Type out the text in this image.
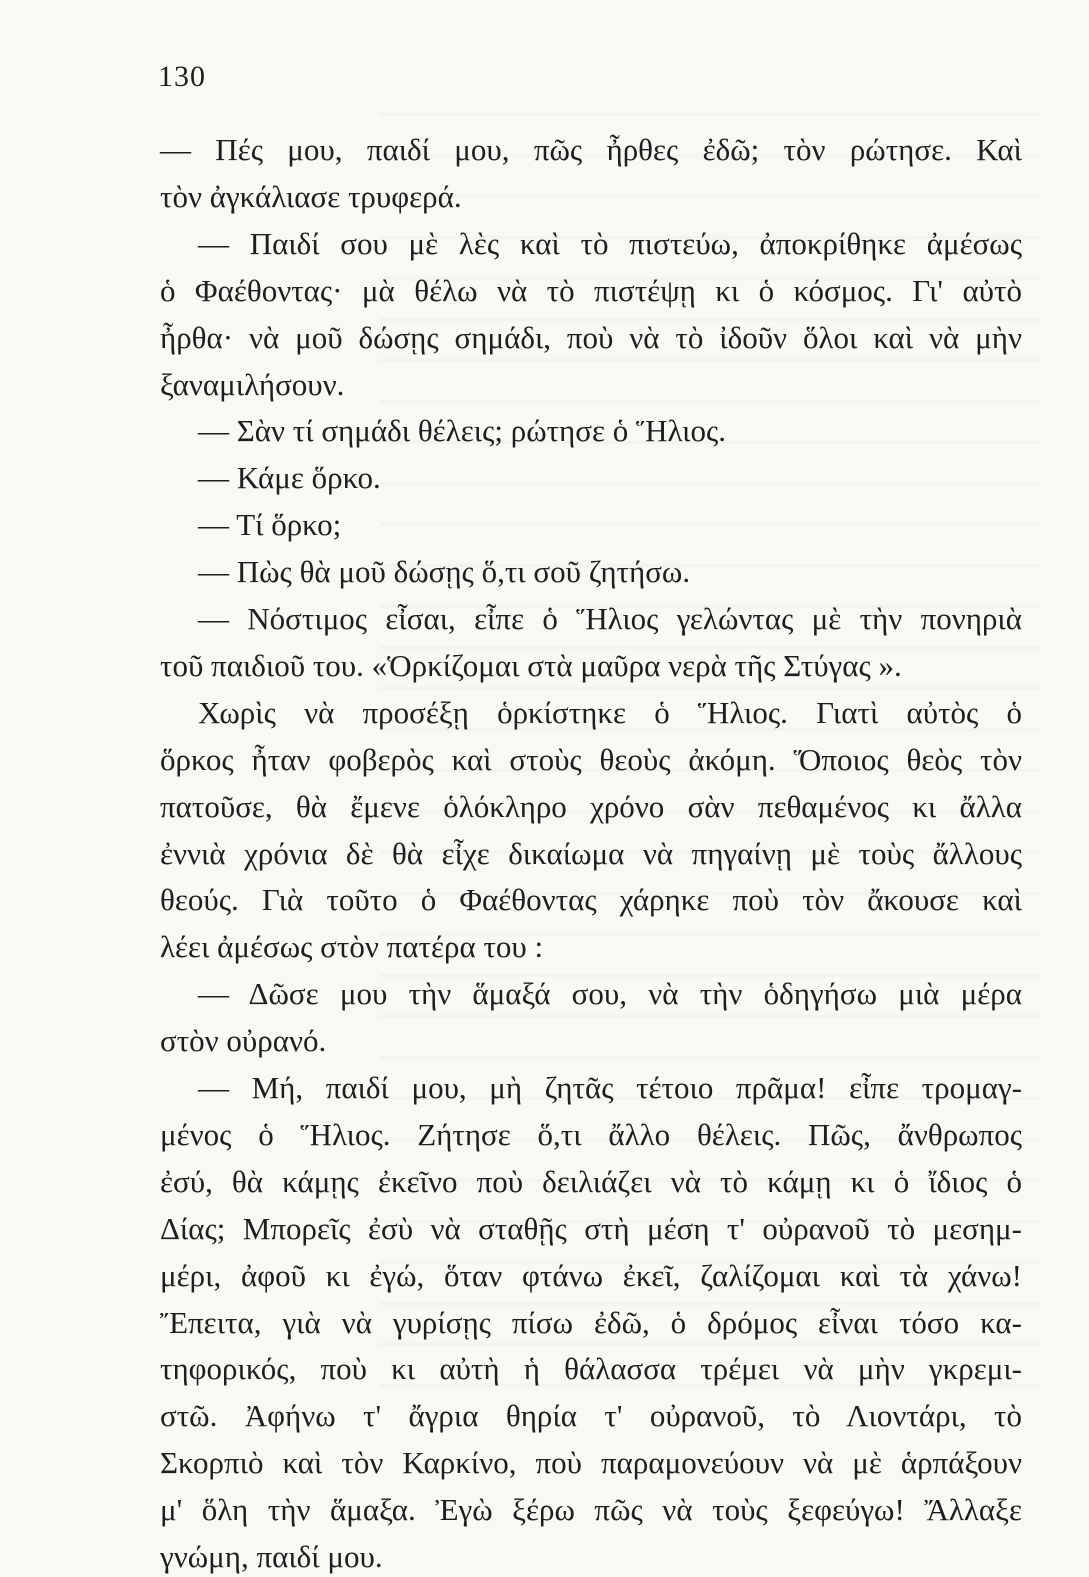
130
— Πές μου, παιδί μου, πῶς ἦρθες ἐδῶ; τὸν ρώτησε. Καὶ
τὸν ἀγκάλιασε τρυφερά.
— Παιδί σου μὲ λὲς καὶ τὸ πιστεύω, ἀποκρίθηκε ἀμέσως
ὁ Φαέθοντας· μὰ θέλω νὰ τὸ πιστέψῃ κι ὁ κόσμος. Γι' αὐτὸ
ἦρθα· νὰ μοῦ δώσῃς σημάδι, ποὺ νὰ τὸ ἰδοῦν ὅλοι καὶ νὰ μὴν
ξαναμιλήσουν.
— Σὰν τί σημάδι θέλεις; ρώτησε ὁ Ἥλιος.
— Κάμε ὅρκο.
— Τί ὅρκο;
— Πὼς θὰ μοῦ δώσῃς ὅ,τι σοῦ ζητήσω.
— Νόστιμος εἶσαι, εἶπε ὁ Ἥλιος γελώντας μὲ τὴν πονηριὰ
τοῦ παιδιοῦ του. «Ὁρκίζομαι στὰ μαῦρα νερὰ τῆς Στύγας ».
Χωρὶς νὰ προσέξῃ ὁρκίστηκε ὁ Ἥλιος. Γιατὶ αὐτὸς ὁ
ὅρκος ἦταν φοβερὸς καὶ στοὺς θεοὺς ἀκόμη. Ὅποιος θεὸς τὸν
πατοῦσε, θὰ ἔμενε ὁλόκληρο χρόνο σὰν πεθαμένος κι ἄλλα
ἐννιὰ χρόνια δὲ θὰ εἶχε δικαίωμα νὰ πηγαίνῃ μὲ τοὺς ἄλλους
θεούς. Γιὰ τοῦτο ὁ Φαέθοντας χάρηκε ποὺ τὸν ἄκουσε καὶ
λέει ἀμέσως στὸν πατέρα του :
— Δῶσε μου τὴν ἅμαξά σου, νὰ τὴν ὁδηγήσω μιὰ μέρα
στὸν οὐρανό.
— Μή, παιδί μου, μὴ ζητᾶς τέτοιο πρᾶμα! εἶπε τρομαγ-
μένος ὁ Ἥλιος. Ζήτησε ὅ,τι ἄλλο θέλεις. Πῶς, ἄνθρωπος
ἐσύ, θὰ κάμῃς ἐκεῖνο ποὺ δειλιάζει νὰ τὸ κάμῃ κι ὁ ἴδιος ὁ
Δίας; Μπορεῖς ἐσὺ νὰ σταθῇς στὴ μέση τ' οὐρανοῦ τὸ μεσημ-
μέρι, ἀφοῦ κι ἐγώ, ὅταν φτάνω ἐκεῖ, ζαλίζομαι καὶ τὰ χάνω!
Ἔπειτα, γιὰ νὰ γυρίσῃς πίσω ἐδῶ, ὁ δρόμος εἶναι τόσο κα-
τηφορικός, ποὺ κι αὐτὴ ἡ θάλασσα τρέμει νὰ μὴν γκρεμι-
στῶ. Ἀφήνω τ' ἄγρια θηρία τ' οὐρανοῦ, τὸ Λιοντάρι, τὸ
Σκορπιὸ καὶ τὸν Καρκίνο, ποὺ παραμονεύουν νὰ μὲ ἁρπάξουν
μ' ὅλη τὴν ἅμαξα. Ἐγὼ ξέρω πῶς νὰ τοὺς ξεφεύγω! Ἄλλαξε
γνώμη, παιδί μου.
